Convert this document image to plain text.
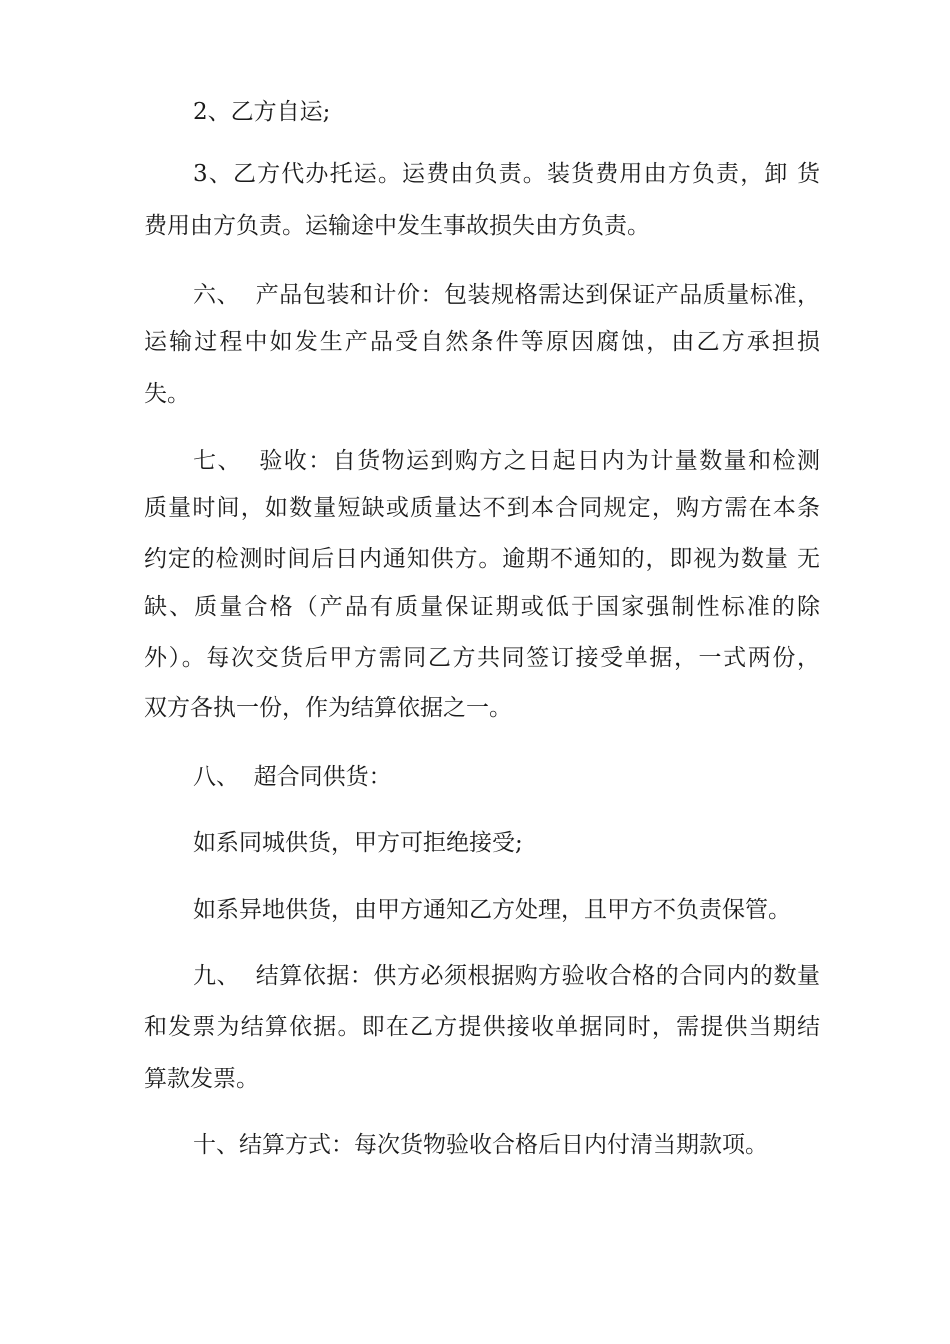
2、乙方自运;
3、乙方代办托运。运费由负责。装货费用由方负责，卸 货
费用由方负责。运输途中发生事故损失由方负责。
六、  产品包装和计价：包装规格需达到保证产品质量标准，
运输过程中如发生产品受自然条件等原因腐蚀，由乙方承担损
失。
七、  验收：自货物运到购方之日起日内为计量数量和检测
质量时间，如数量短缺或质量达不到本合同规定，购方需在本条
约定的检测时间后日内通知供方。逾期不通知的，即视为数量 无
缺、质量合格（产品有质量保证期或低于国家强制性标准的除
外）。每次交货后甲方需同乙方共同签订接受单据，一式两份，
双方各执一份，作为结算依据之一。
八、  超合同供货：
如系同城供货，甲方可拒绝接受;
如系异地供货，由甲方通知乙方处理，且甲方不负责保管。
九、  结算依据：供方必须根据购方验收合格的合同内的数量
和发票为结算依据。即在乙方提供接收单据同时，需提供当期结
算款发票。
十、结算方式：每次货物验收合格后日内付清当期款项。
